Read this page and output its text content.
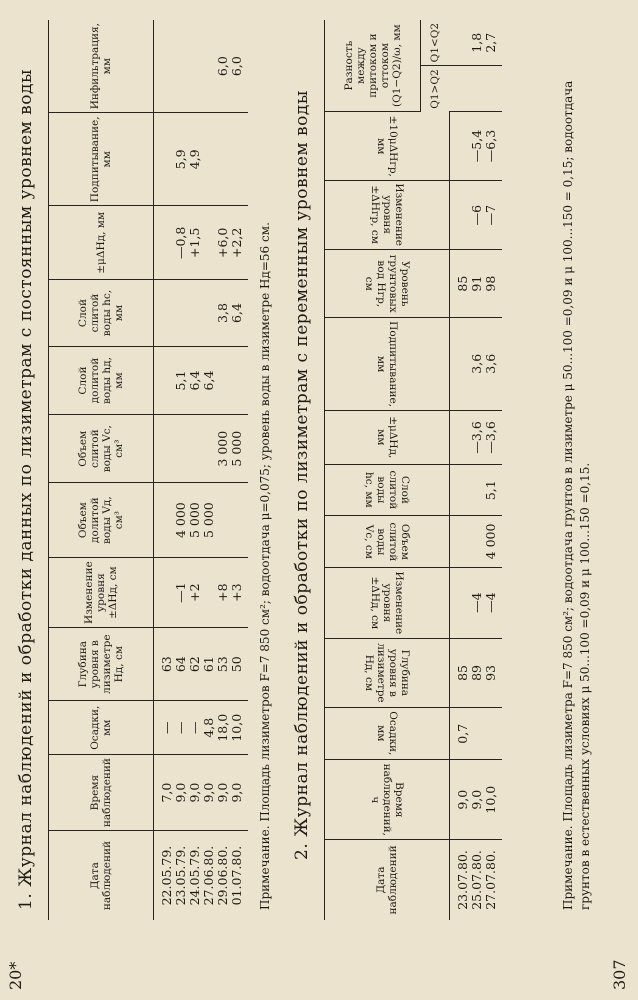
20*	307
1. Журнал наблюдений и обработки данных по лизиметрам с постоянным уровнем воды	Дата наблюдений	Время наблюдений	Осадки, мм	Глубина уровня в лизиметре Hд, см	Изменение уровня ±ΔHд, см	Объем долитой воды Vд, см³	Объем слитой воды Vс, см³	Слой долитой воды hд, мм	Слой слитой воды hс, мм	±μΔHд, мм	Подпитывание, мм	Инфильтрация, мм
22.05.79.	7,0	—	63								
23.05.79.	9,0	—	64	—1	4 000		5,1		—0,8	5,9	
24.05.79.	9,0	—	62	+2	5 000		6,4		+1,5	4,9	
27.06.80.	9,0	4,8	61		5 000		6,4				
29.06.80.	9,0	18,0	53	+8		3 000		3,8	+6,0		6,0
01.07.80.	9,0	10,0	50	+3		5 000		6,4	+2,2		6,0
Примечание. Площадь лизиметров F=7 850 см²; водоотдача μ=0,075; уровень воды в лизиметре Hд=56 см. 2. Журнал наблюдений и обработки по лизиметрам с переменным уровнем воды
Дата наблюдений	Время наблюдений, ч	Осадки, мм	Глубина уровня в лизиметре Hд, см	Изменение уровня ±ΔHд, см	Объем слитой воды Vс, см	Слой слитой воды hс, мм	±μΔHд, мм	Подпитывание, мм	Уровень грунтовых вод Hгр, см	Изменение уровня ±ΔHгр, см	±10μΔHгр, мм	Разность между притоком и оттоком (Q1−Q2)/ω, мм	
												Q1>Q2	Q1<Q2
23.07.80.	9,0	0,7	85						85				
25.07.80.	9,0		89	—4			—3,6	3,6	91	—6	—5,4		1,8
27.07.80.	10,0		93	—4	4 000	5,1	—3,6	3,6	98	—7	—6,3		2,7
Примечание. Площадь лизиметра F=7 850 см²; водоотдача грунтов в лизиметре μ 50...100 =0,09 и μ 100...150 = 0,15; водоотдача грунтов в естественных условиях μ 50...100 =0,09 и μ 100...150 =0,15.
